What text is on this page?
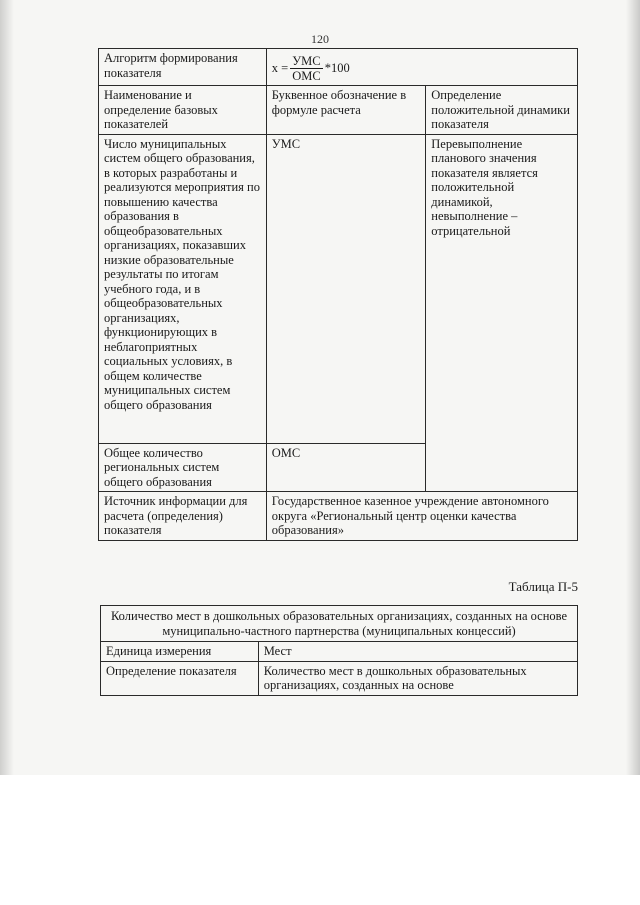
120
Алгоритм формирования показателя	$x = \frac{\text{УМС}}{\text{ОМС}} *100$	

Наименование и определение базовых показателей	Буквенное обозначение в формуле расчета	Определение положительной динамики показателя
Число муниципальных систем общего образования, в которых разработаны и реализуются мероприятия по повышению качества образования в общеобразовательных организациях, показавших низкие образовательные результаты по итогам учебного года, и в общеобразовательных организациях, функционирующих в неблагоприятных социальных условиях, в общем количестве муниципальных систем общего образования	УМС	Перевыполнение планового значения показателя является положительной динамикой, невыполнение – отрицательной
Общее количество региональных систем общего образования	ОМС	
Источник информации для расчета (определения) показателя	Государственное казенное учреждение автономного округа «Региональный центр оценки качества образования»	
Таблица П-5
Количество мест в дошкольных образовательных организациях, созданных на основе муниципально-частного партнерства (муниципальных концессий)	
Единица измерения	Мест
Определение показателя	Количество мест в дошкольных образовательных организациях, созданных на основе
